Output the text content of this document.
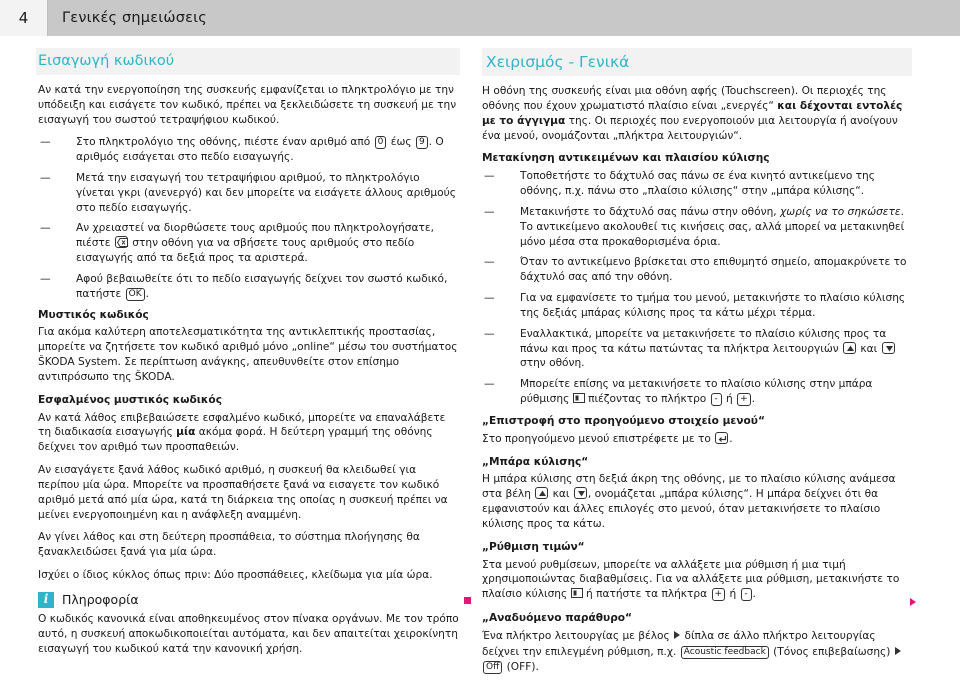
4	Γενικές σημειώσεις
Εισαγωγή κωδικού

Αν κατά την ενεργοποίηση της συσκευής εμφανίζεται ιο πληκτρολόγιο με την υπόδειξη και εισάγετε τον κωδικό, πρέπει να ξεκλειδώσετε τη συσκευή με την εισαγωγή του σωστού τετραψήφιου κωδικού.

— Στο πληκτρολόγιο της οθόνης, πιέστε έναν αριθμό από 0 έως 9 . Ο αριθμός εισάγεται στο πεδίο εισαγωγής.
— Μετά την εισαγωγή του τετραψήφιου αριθμού, το πληκτρολόγιο γίνεται γκρι (ανενεργό) και δεν μπορείτε να εισάγετε άλλους αριθμούς στο πεδίο εισαγωγής.
— Αν χρειαστεί να διορθώσετε τους αριθμούς που πληκτρολογήσατε, πιέστε στην οθόνη για να σβήσετε τους αριθμούς στο πεδίο εισαγωγής από τα δεξιά προς τα αριστερά.
— Αφού βεβαιωθείτε ότι το πεδίο εισαγωγής δείχνει τον σωστό κωδικό, πατήστε OK .
Μυστικός κωδικός

Για ακόμα καλύτερη αποτελεσματικότητα της αντικλεπτικής προστασίας, μπορείτε να ζητήσετε τον κωδικό αριθμό μόνο „online“ μέσω του συστήματος ŠKODA System. Σε περίπτωση ανάγκης, απευθυνθείτε στον επίσημο αντιπρόσωπο της ŠKODA.

Εσφαλμένος μυστικός κωδικός

Αν κατά λάθος επιβεβαιώσετε εσφαλμένο κωδικό, μπορείτε να επαναλάβετε τη διαδικασία εισαγωγής μία ακόμα φορά. Η δεύτερη γραμμή της οθόνης δείχνει τον αριθμό των προσπαθειών.

Αν εισαγάγετε ξανά λάθος κωδικό αριθμό, η συσκευή θα κλειδωθεί για περίπου μία ώρα. Μπορείτε να προσπαθήσετε ξανά να εισαγετε τον κωδικό αριθμό μετά από μία ώρα, κατά τη διάρκεια της οποίας η συσκευή πρέπει να μείνει ενεργοποιημένη και η ανάφλεξη αναμμένη.

Αν γίνει λάθος και στη δεύτερη προσπάθεια, το σύστημα πλοήγησης θα ξανακλειδώσει ξανά για μία ώρα.

Ισχύει ο ίδιος κύκλος όπως πριν: Δύο προσπάθειες, κλείδωμα για μία ώρα.

i	Πληροφορία

Ο κωδικός κανονικά είναι αποθηκευμένος στον πίνακα οργάνων. Με τον τρόπο αυτό, η συσκευή αποκωδικοποιείται αυτόματα, και δεν απαιτείται χειροκίνητη εισαγωγή του κωδικού κατά την κανονική χρήση.

Χειρισμός - Γενικά

Η οθόνη της συσκευής είναι μια οθόνη αφής (Touchscreen). Οι περιοχές της οθόνης που έχουν χρωματιστό πλαίσιο είναι „ενεργές“ και δέχονται εντολές με το άγγιγμα της. Οι περιοχές που ενεργοποιούν μια λειτουργία ή ανοίγουν ένα μενού, ονομάζονται „πλήκτρα λειτουργιών“.

Μετακίνηση αντικειμένων και πλαισίου κύλισης
— Τοποθετήστε το δάχτυλό σας πάνω σε ένα κινητό αντικείμενο της οθόνης, π.χ. πάνω στο „πλαίσιο κύλισης“ στην „μπάρα κύλισης“.
— Μετακινήστε το δάχτυλό σας πάνω στην οθόνη, χωρίς να το σηκώσετε. Το αντικείμενο ακολουθεί τις κινήσεις σας, αλλά μπορεί να μετακινηθεί μόνο μέσα στα προκαθορισμένα όρια.
— Όταν το αντικείμενο βρίσκεται στο επιθυμητό σημείο, απομακρύνετε το δάχτυλό σας από την οθόνη.
— Για να εμφανίσετε το τμήμα του μενού, μετακινήστε το πλαίσιο κύλισης της δεξιάς μπάρας κύλισης προς τα κάτω μέχρι τέρμα.
— Εναλλακτικά, μπορείτε να μετακινήσετε το πλαίσιο κύλισης προς τα πάνω και προς τα κάτω πατώντας τα πλήκτρα λειτουργιών και
στην οθόνη.
— Μπορείτε επίσης να μετακινήσετε το πλαίσιο κύλισης στην μπάρα ρύθμισης πιέζοντας το πλήκτρο - ή + .
„Επιστροφή στο προηγούμενο στοιχείο μενού“

Στο προηγούμενο μενού επιστρέφετε με το .

„Μπάρα κύλισης“

Η μπάρα κύλισης στη δεξιά άκρη της οθόνης, με το πλαίσιο κύλισης ανάμεσα στα βέλη και , ονομάζεται „μπάρα κύλισης“. Η μπάρα δείχνει ότι θα εμφανιστούν και άλλες επιλογές στο μενού, όταν μετακινήσετε το πλαίσιο κύλισης προς τα κάτω.

„Ρύθμιση τιμών“

Στα μενού ρυθμίσεων, μπορείτε να αλλάξετε μια ρύθμιση ή μια τιμή χρησιμοποιώντας διαβαθμίσεις. Για να αλλάξετε μια ρύθμιση, μετακινήστε το πλαίσιο κύλισης ή πατήστε τα πλήκτρα + ή - .

„Αναδυόμενο παράθυρο“

Ένα πλήκτρο λειτουργίας με βέλος δίπλα σε άλλο πλήκτρο λειτουργίας δείχνει την επιλεγμένη ρύθμιση, π.χ. Acoustic feedback (Τόνος επιβεβαίωσης) Off (OFF).
